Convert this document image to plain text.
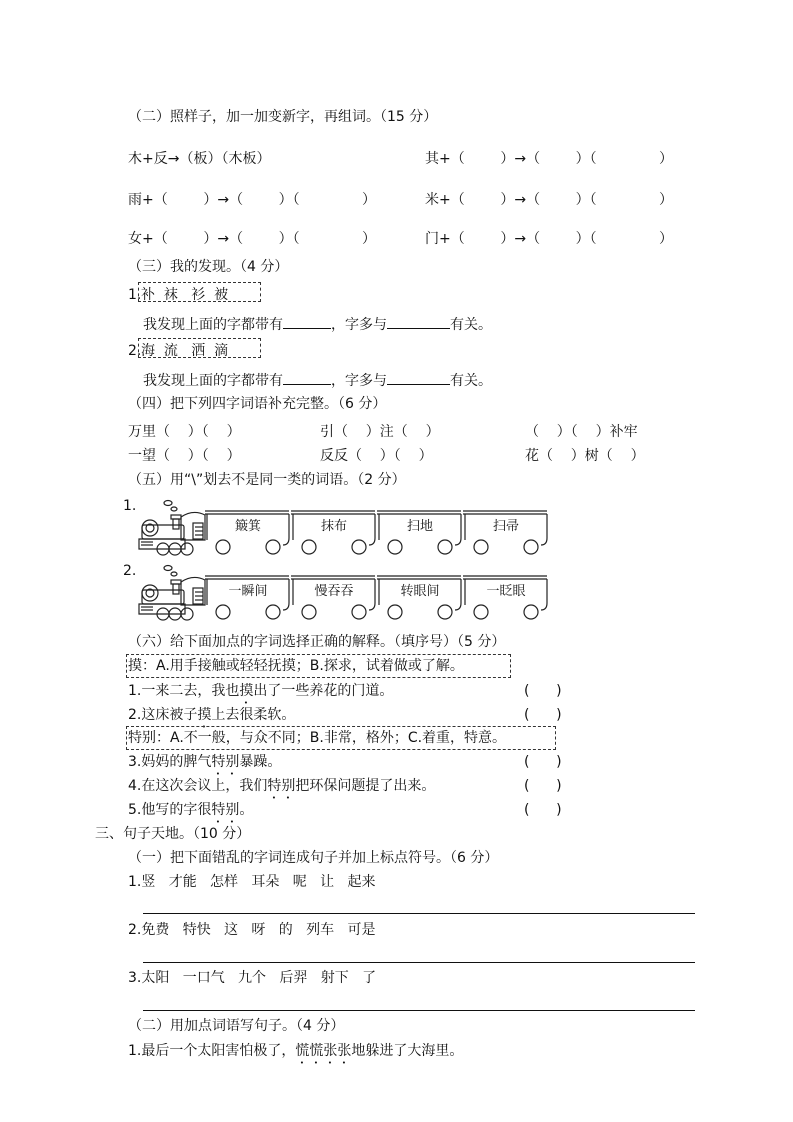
（二）照样子，加一加变新字，再组词。（15 分）
木+反→（板）（木板）	其+（        ）→（        ）（              ）
雨+（        ）→（        ）（              ）	米+（        ）→（        ）（              ）
女+（        ）→（        ）（              ）	门+（        ）→（        ）（              ）
（三）我的发现。（4 分）
1. 补  袜   衫  被
我发现上面的字都带有	，字多与	有关。
2. 海  流   洒  滴
我发现上面的字都带有	，字多与	有关。
（四）把下列四字词语补充完整。（6 分）
万里（    ）（    ）	引（    ）注（    ）	（    ）（    ）补牢
一望（    ）（    ）	反反（    ）（    ）	花（    ）树（    ）
（五）用“\”划去不是同一类的词语。（2 分）
1.
2.
簸箕	抹布	扫地	扫帚
一瞬间	慢吞吞	转眼间	一眨眼
（六）给下面加点的字词选择正确的解释。（填序号）（5 分）
摸：A.用手接触或轻轻抚摸；B.探求，试着做或了解。
1.一来二去，我也摸出了一些养花的门道。	(      )
2.这床被子摸上去很柔软。	(      )
特别：A.不一般，与众不同；B.非常，格外；C.着重，特意。
3.妈妈的脾气特别暴躁。	(      )
4.在这次会议上，我们特别把环保问题提了出来。	(      )
5.他写的字很特别。	(      )
三、句子天地。（10 分）
（一）把下面错乱的字词连成句子并加上标点符号。（6 分）
1.竖   才能   怎样   耳朵   呢   让   起来
2.免费   特快   这   呀   的   列车   可是
3.太阳   一口气   九个   后羿   射下   了
（二）用加点词语写句子。（4 分）
1.最后一个太阳害怕极了，慌慌张张地躲进了大海里。
